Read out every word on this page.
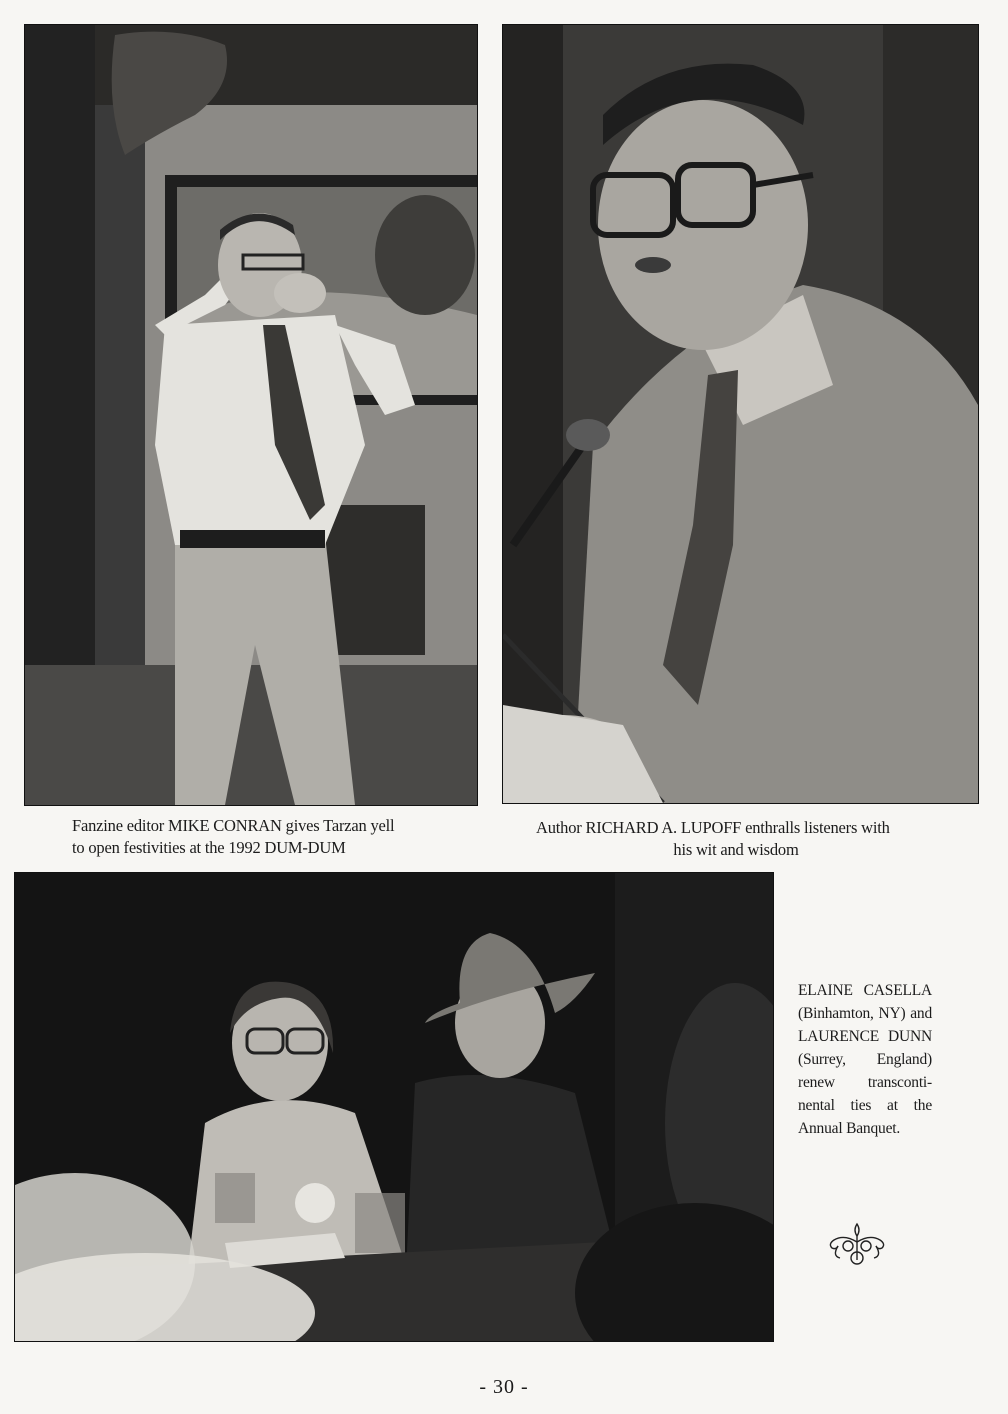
Fanzine editor MIKE CONRAN gives Tarzan yell
to open festivities at the 1992 DUM-DUM
Author RICHARD A. LUPOFF enthralls listeners with
his wit and wisdom
ELAINE CASELLA
(Binhamton, NY) and
LAURENCE DUNN
(Surrey, England)
renew transconti-
nental ties at the
Annual Banquet.
- 30 -
